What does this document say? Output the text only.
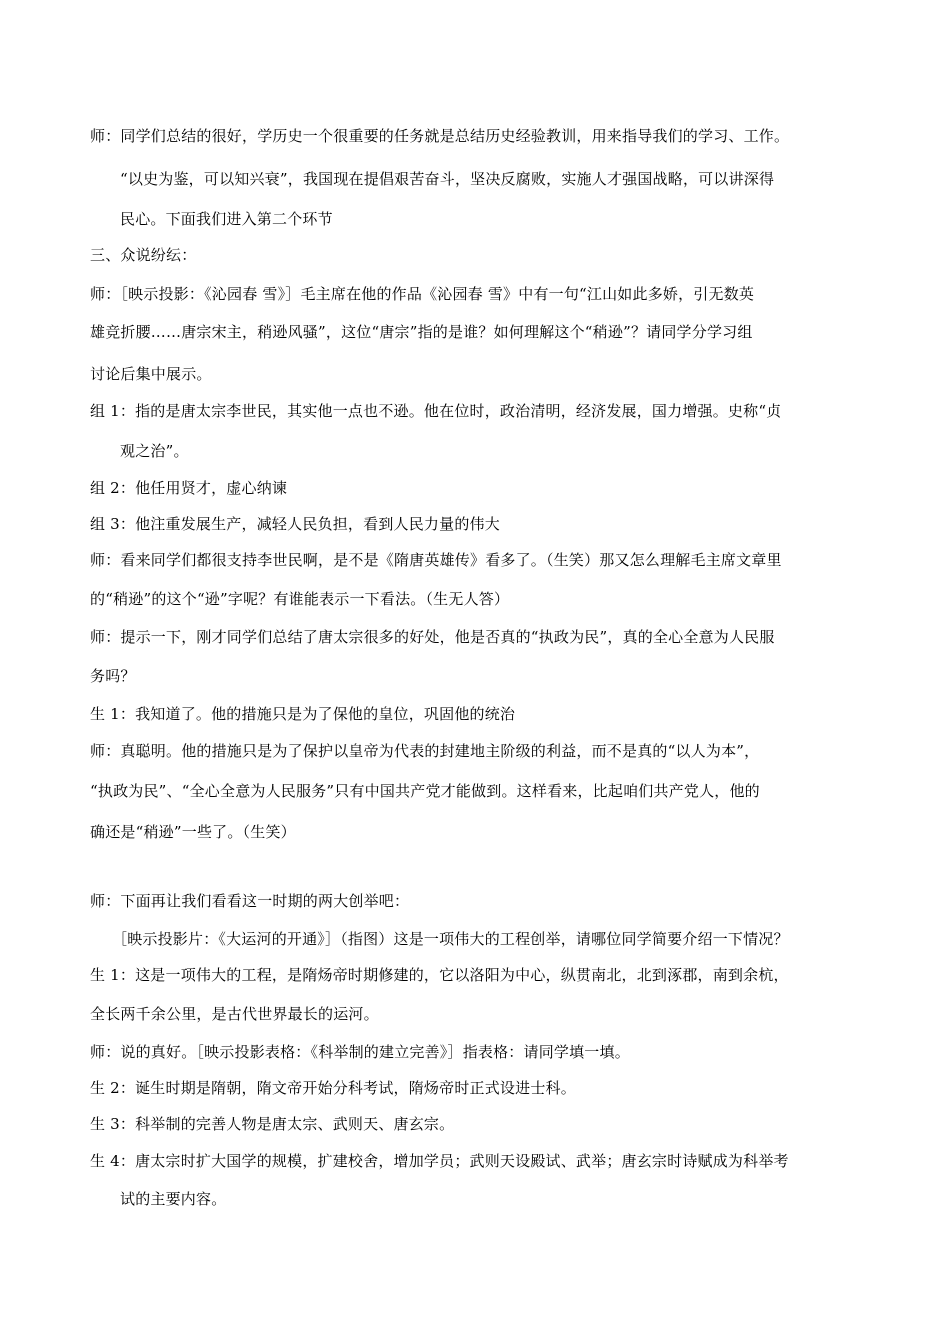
师：同学们总结的很好，学历史一个很重要的任务就是总结历史经验教训，用来指导我们的学习、工作。
“以史为鉴，可以知兴衰”，我国现在提倡艰苦奋斗，坚决反腐败，实施人才强国战略，可以讲深得
民心。下面我们进入第二个环节
三、众说纷纭：
师：［映示投影：《沁园春 雪》］毛主席在他的作品《沁园春 雪》中有一句“江山如此多娇，引无数英
雄竞折腰……唐宗宋主，稍逊风骚”，这位“唐宗”指的是谁？如何理解这个“稍逊”？请同学分学习组
讨论后集中展示。
组 1：指的是唐太宗李世民，其实他一点也不逊。他在位时，政治清明，经济发展，国力增强。史称“贞
观之治”。
组 2：他任用贤才，虚心纳谏
组 3：他注重发展生产，减轻人民负担，看到人民力量的伟大
师：看来同学们都很支持李世民啊，是不是《隋唐英雄传》看多了。（生笑）那又怎么理解毛主席文章里
的“稍逊”的这个“逊”字呢？有谁能表示一下看法。（生无人答）
师：提示一下，刚才同学们总结了唐太宗很多的好处，他是否真的“执政为民”，真的全心全意为人民服
务吗？
生 1：我知道了。他的措施只是为了保他的皇位，巩固他的统治
师：真聪明。他的措施只是为了保护以皇帝为代表的封建地主阶级的利益，而不是真的“以人为本”，
“执政为民”、“全心全意为人民服务”只有中国共产党才能做到。这样看来，比起咱们共产党人，他的
确还是“稍逊”一些了。（生笑）
师：下面再让我们看看这一时期的两大创举吧：
［映示投影片：《大运河的开通》］（指图）这是一项伟大的工程创举，请哪位同学简要介绍一下情况？
生 1：这是一项伟大的工程，是隋炀帝时期修建的，它以洛阳为中心，纵贯南北，北到涿郡，南到余杭，
全长两千余公里，是古代世界最长的运河。
师：说的真好。［映示投影表格：《科举制的建立完善》］指表格：请同学填一填。
生 2：诞生时期是隋朝，隋文帝开始分科考试，隋炀帝时正式设进士科。
生 3：科举制的完善人物是唐太宗、武则天、唐玄宗。
生 4：唐太宗时扩大国学的规模，扩建校舍，增加学员；武则天设殿试、武举；唐玄宗时诗赋成为科举考
试的主要内容。
